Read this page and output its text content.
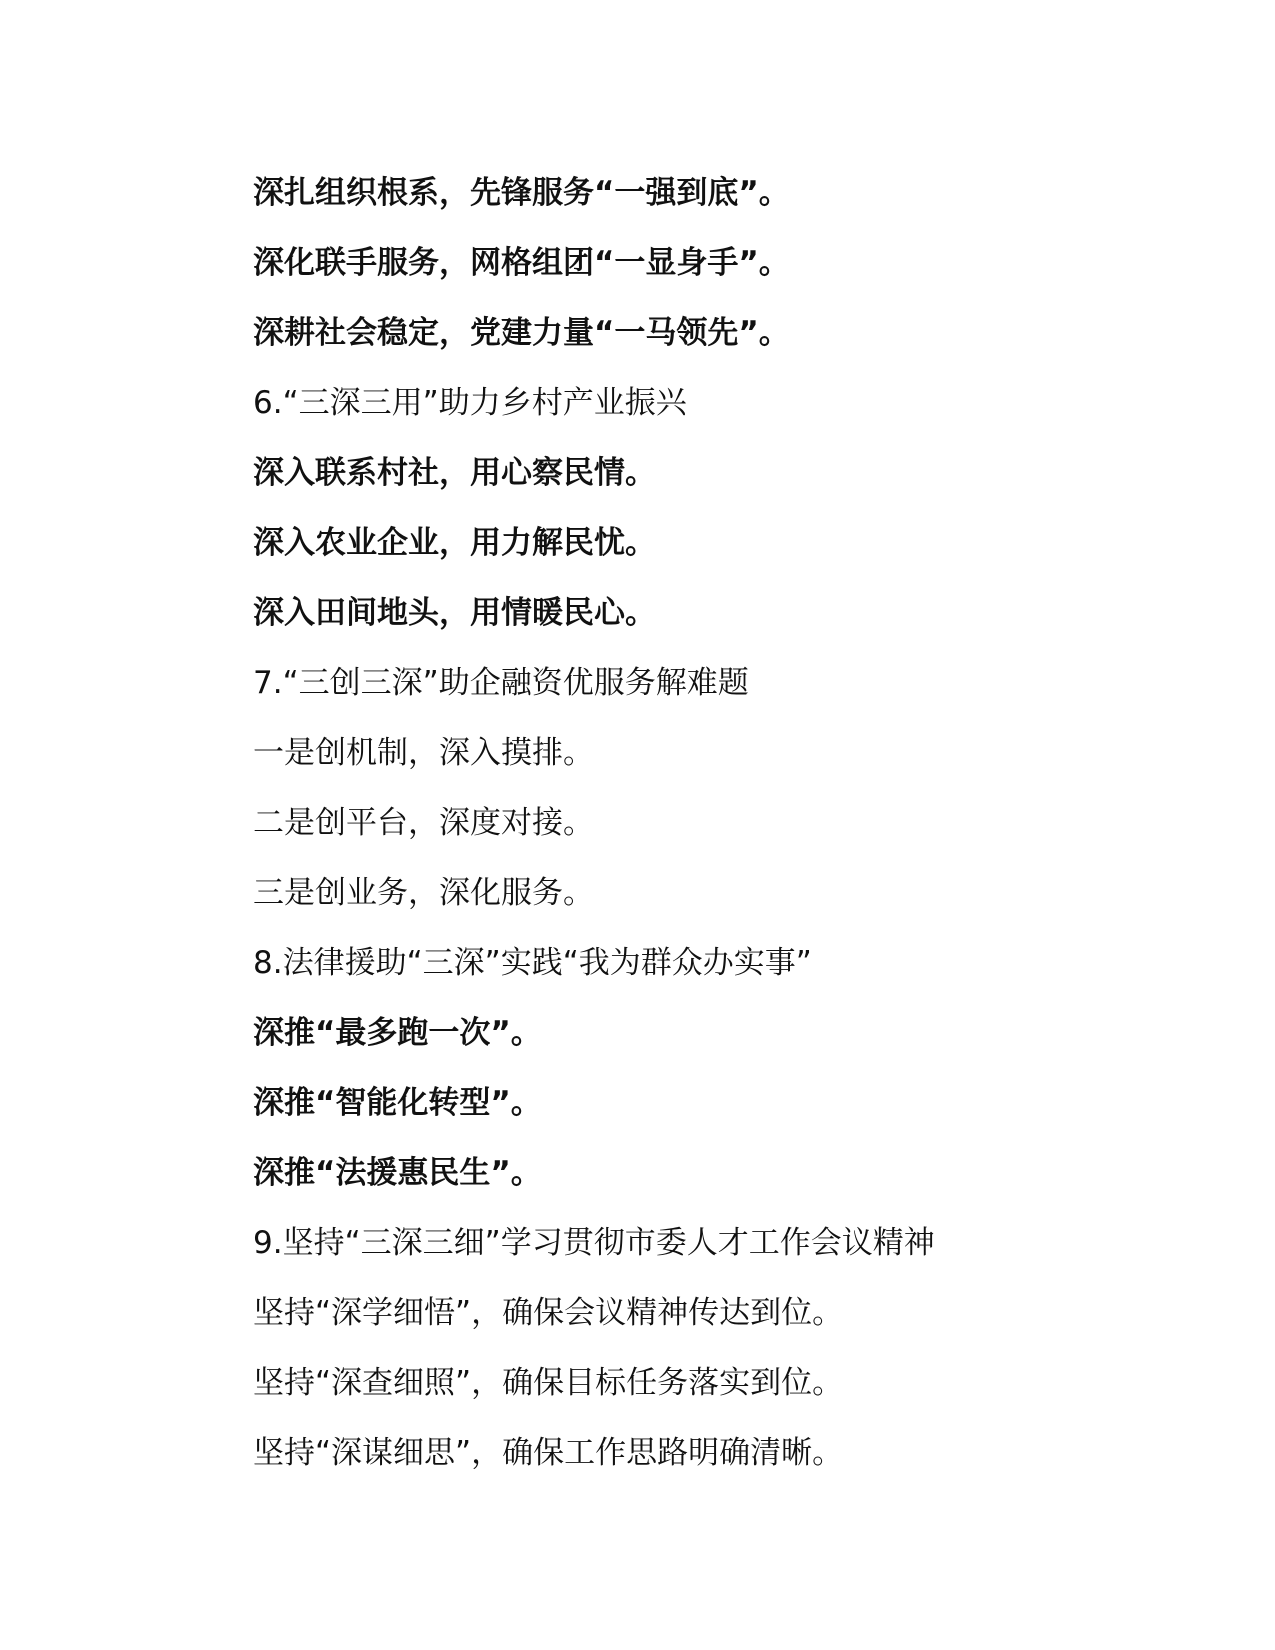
深扎组织根系，先锋服务“一强到底”。
深化联手服务，网格组团“一显身手”。
深耕社会稳定，党建力量“一马领先”。
6.“三深三用”助力乡村产业振兴
深入联系村社，用心察民情。
深入农业企业，用力解民忧。
深入田间地头，用情暖民心。
7.“三创三深”助企融资优服务解难题
一是创机制，深入摸排。
二是创平台，深度对接。
三是创业务，深化服务。
8.法律援助“三深”实践“我为群众办实事”
深推“最多跑一次”。
深推“智能化转型”。
深推“法援惠民生”。
9.坚持“三深三细”学习贯彻市委人才工作会议精神
坚持“深学细悟”，确保会议精神传达到位。
坚持“深查细照”，确保目标任务落实到位。
坚持“深谋细思”，确保工作思路明确清晰。
